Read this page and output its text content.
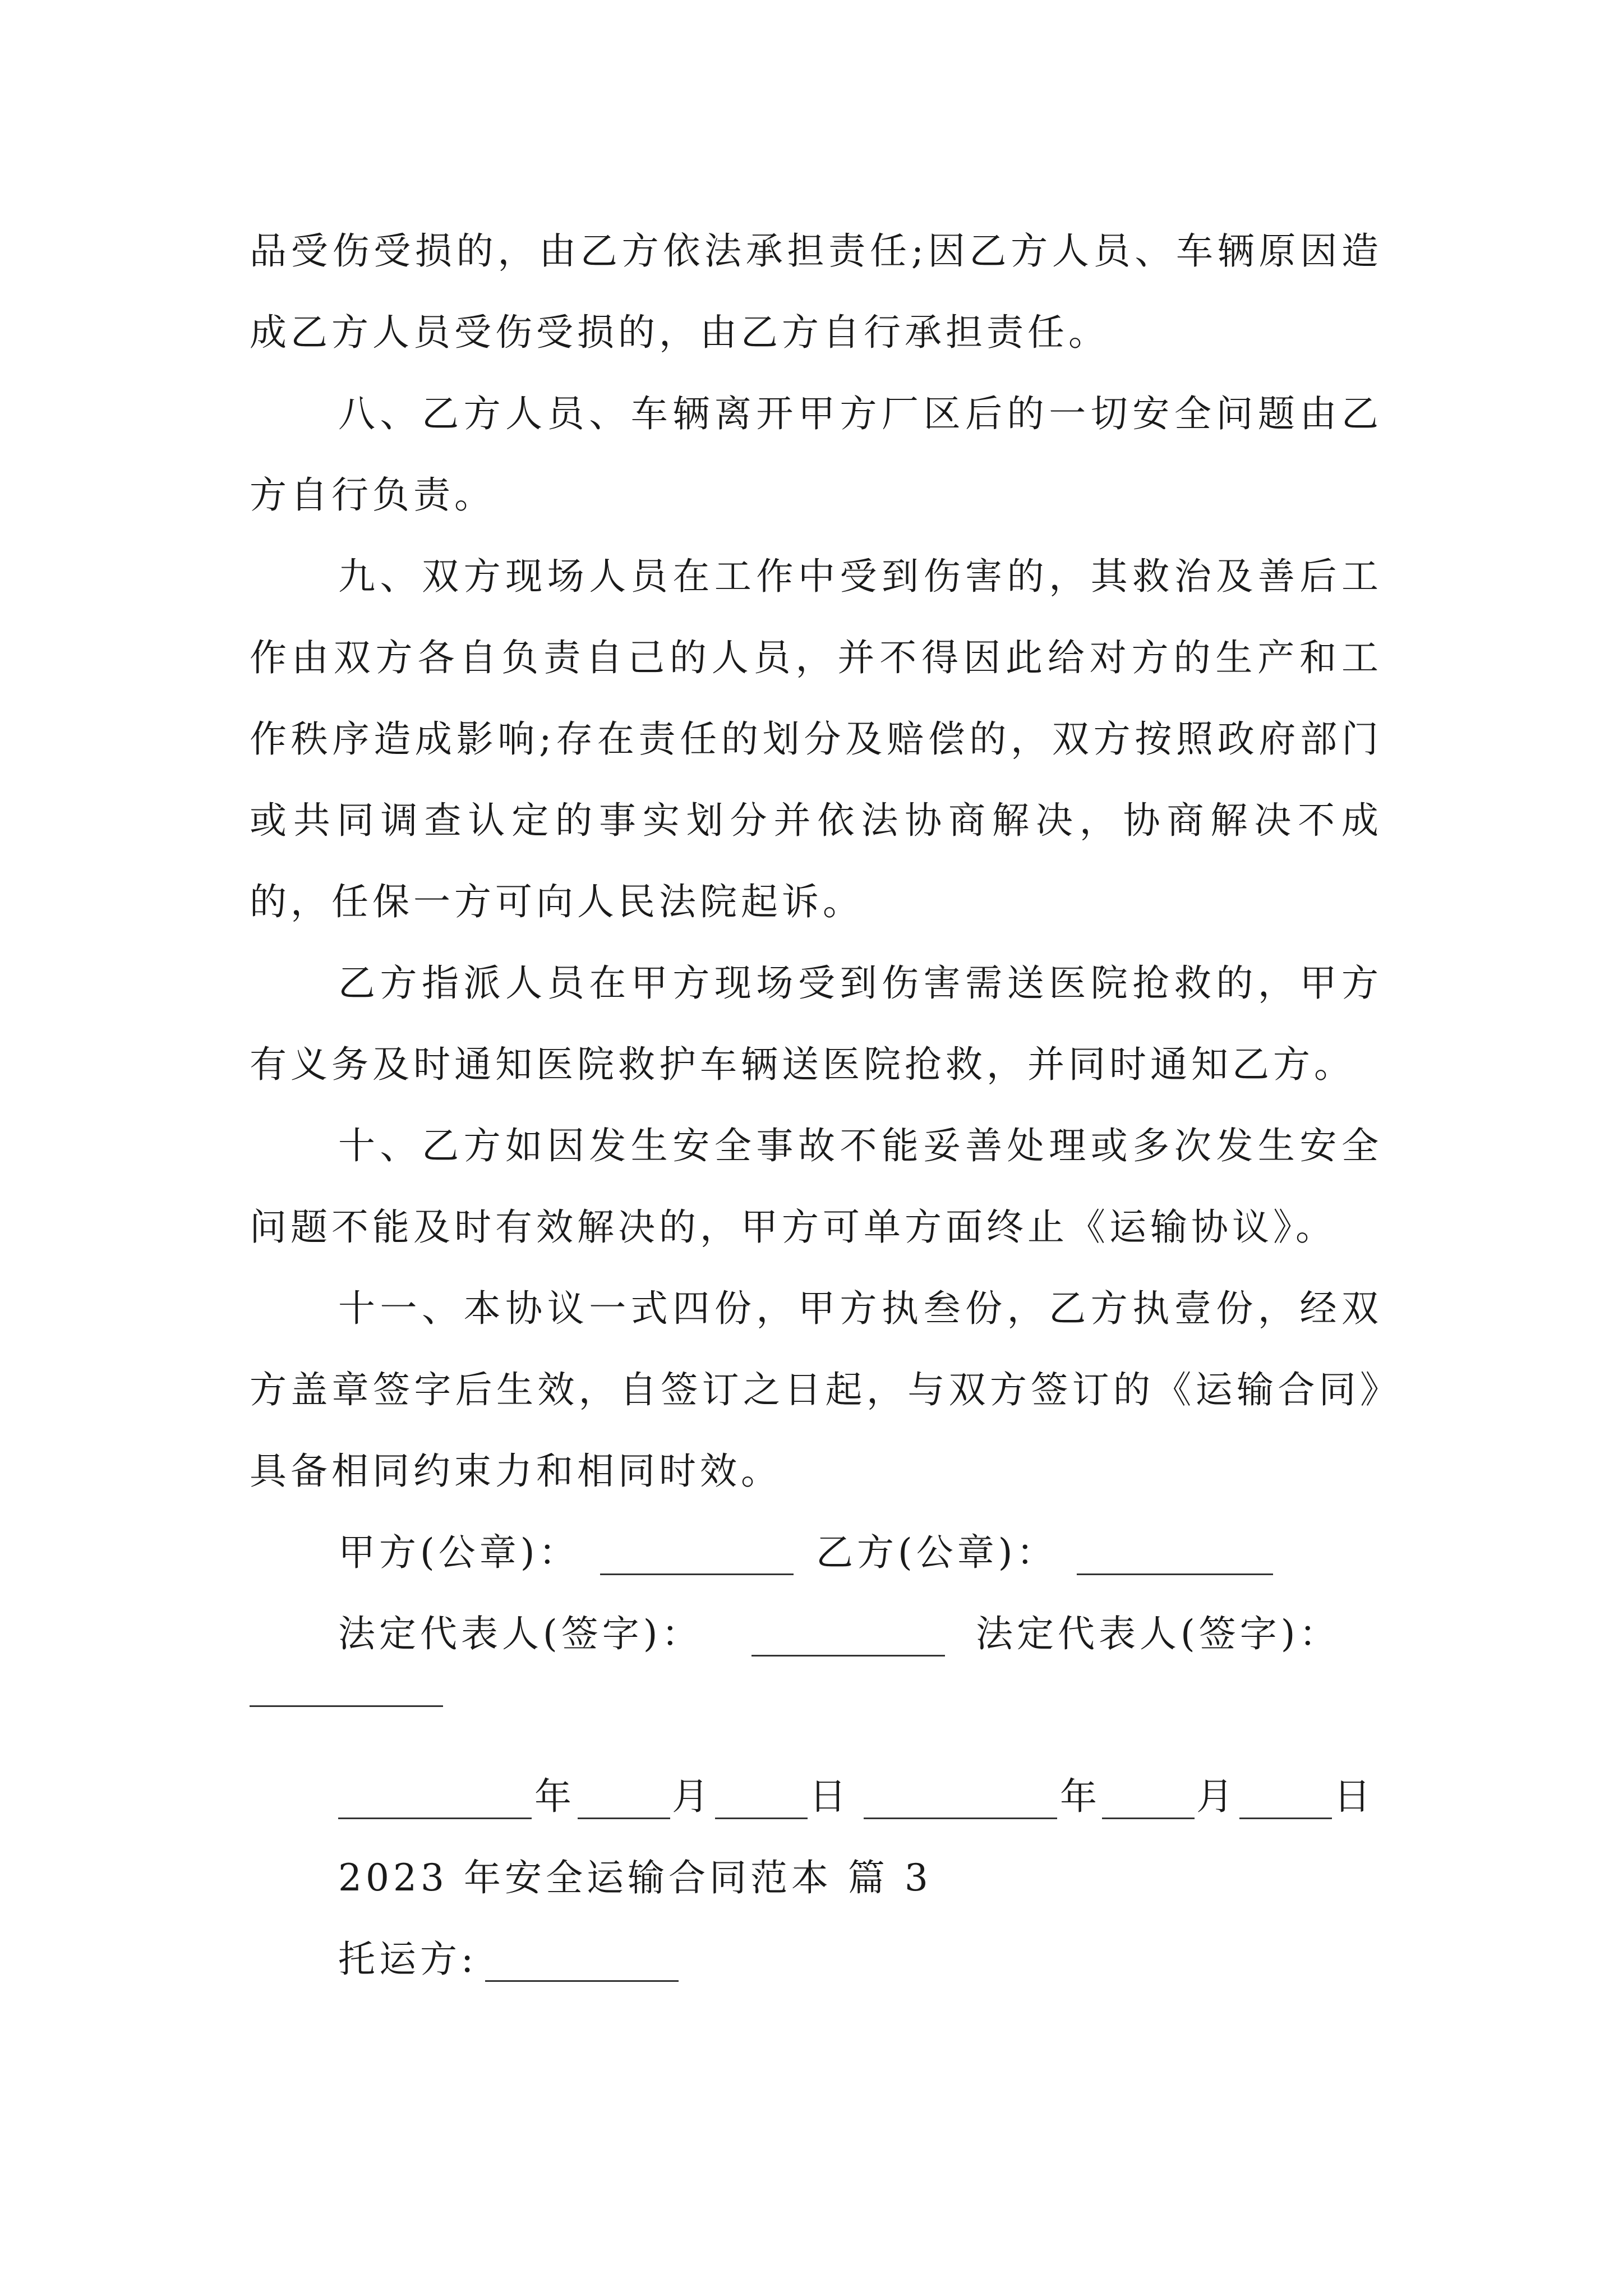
品受伤受损的，由乙方依法承担责任;因乙方人员、车辆原因造成乙方人员受伤受损的，由乙方自行承担责任。

八、乙方人员、车辆离开甲方厂区后的一切安全问题由乙方自行负责。

九、双方现场人员在工作中受到伤害的，其救治及善后工作由双方各自负责自己的人员，并不得因此给对方的生产和工作秩序造成影响;存在责任的划分及赔偿的，双方按照政府部门或共同调查认定的事实划分并依法协商解决，协商解决不成的，任保一方可向人民法院起诉。

乙方指派人员在甲方现场受到伤害需送医院抢救的，甲方有义务及时通知医院救护车辆送医院抢救，并同时通知乙方。

十、乙方如因发生安全事故不能妥善处理或多次发生安全问题不能及时有效解决的，甲方可单方面终止《运输协议》。

十一、本协议一式四份，甲方执叁份，乙方执壹份，经双方盖章签字后生效，自签订之日起，与双方签订的《运输合同》具备相同约束力和相同时效。

甲方(公章)：	乙方(公章)：
法定代表人(签字)：	法定代表人(签字)：
年	月	日	年	月	日
2023 年安全运输合同范本 篇 3
托运方:
